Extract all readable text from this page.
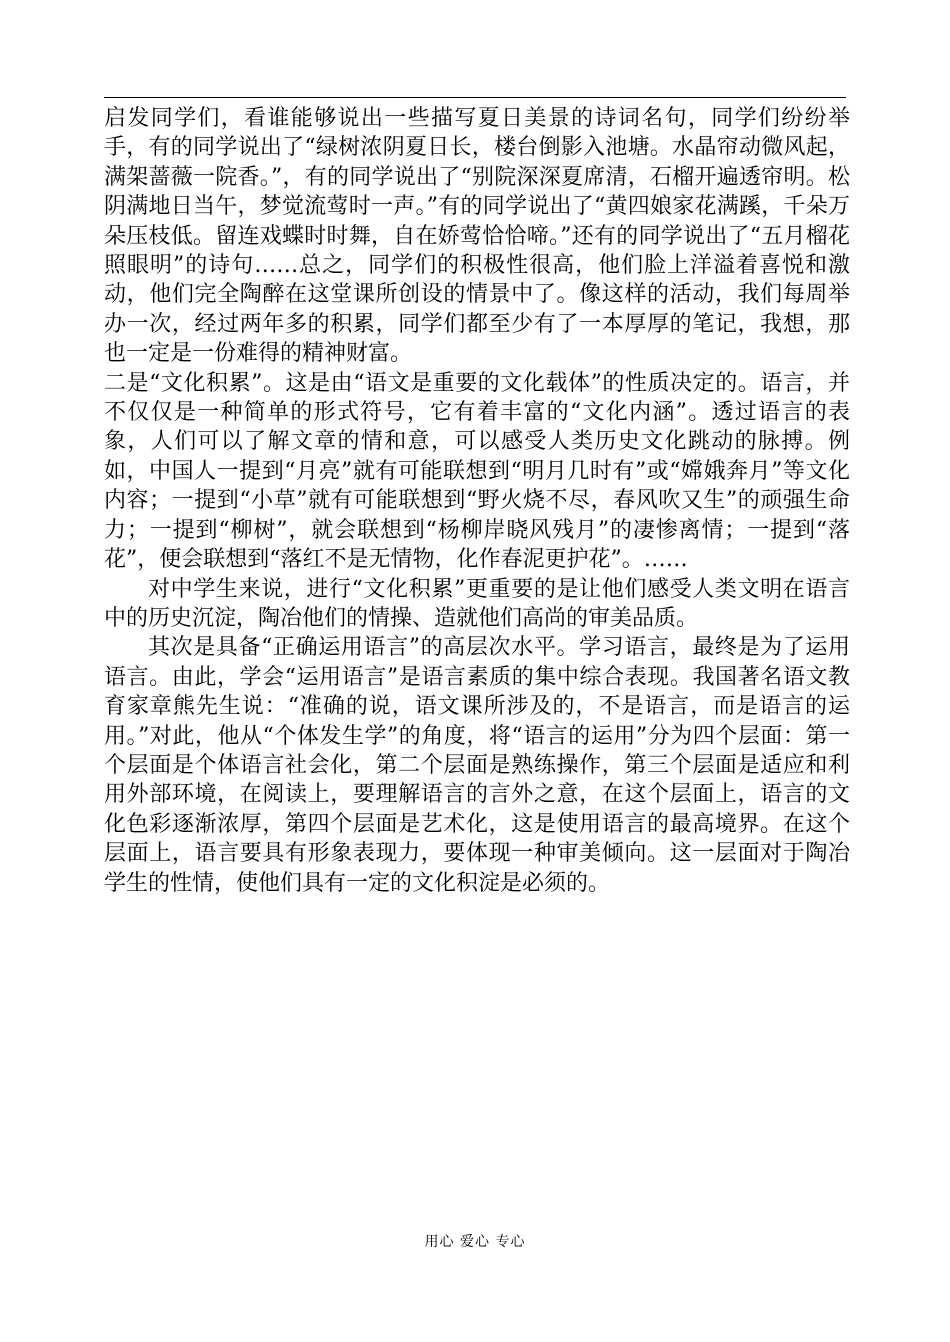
启发同学们，看谁能够说出一些描写夏日美景的诗词名句，同学们纷纷举手，有的同学说出了“绿树浓阴夏日长，楼台倒影入池塘。水晶帘动微风起，满架蔷薇一院香。”，有的同学说出了“别院深深夏席清，石榴开遍透帘明。松阴满地日当午，梦觉流莺时一声。”有的同学说出了“黄四娘家花满蹊，千朵万朵压枝低。留连戏蝶时时舞，自在娇莺恰恰啼。”还有的同学说出了“五月榴花照眼明”的诗句……总之，同学们的积极性很高，他们脸上洋溢着喜悦和激动，他们完全陶醉在这堂课所创设的情景中了。像这样的活动，我们每周举办一次，经过两年多的积累，同学们都至少有了一本厚厚的笔记，我想，那也一定是一份难得的精神财富。

二是“文化积累”。这是由“语文是重要的文化载体”的性质决定的。语言，并不仅仅是一种简单的形式符号，它有着丰富的“文化内涵”。透过语言的表象，人们可以了解文章的情和意，可以感受人类历史文化跳动的脉搏。例如，中国人一提到“月亮”就有可能联想到“明月几时有”或“嫦娥奔月”等文化内容；一提到“小草”就有可能联想到“野火烧不尽，春风吹又生”的顽强生命力；一提到“柳树”，就会联想到“杨柳岸晓风残月”的凄惨离情；一提到“落花”，便会联想到“落红不是无情物，化作春泥更护花”。……

对中学生来说，进行“文化积累”更重要的是让他们感受人类文明在语言中的历史沉淀，陶冶他们的情操、造就他们高尚的审美品质。

其次是具备“正确运用语言”的高层次水平。学习语言，最终是为了运用语言。由此，学会“运用语言”是语言素质的集中综合表现。我国著名语文教育家章熊先生说：“准确的说，语文课所涉及的，不是语言，而是语言的运用。”对此，他从“个体发生学”的角度，将“语言的运用”分为四个层面：第一个层面是个体语言社会化，第二个层面是熟练操作，第三个层面是适应和利用外部环境，在阅读上，要理解语言的言外之意，在这个层面上，语言的文化色彩逐渐浓厚，第四个层面是艺术化，这是使用语言的最高境界。在这个层面上，语言要具有形象表现力，要体现一种审美倾向。这一层面对于陶冶学生的性情，使他们具有一定的文化积淀是必须的。

用心 爱心 专心
